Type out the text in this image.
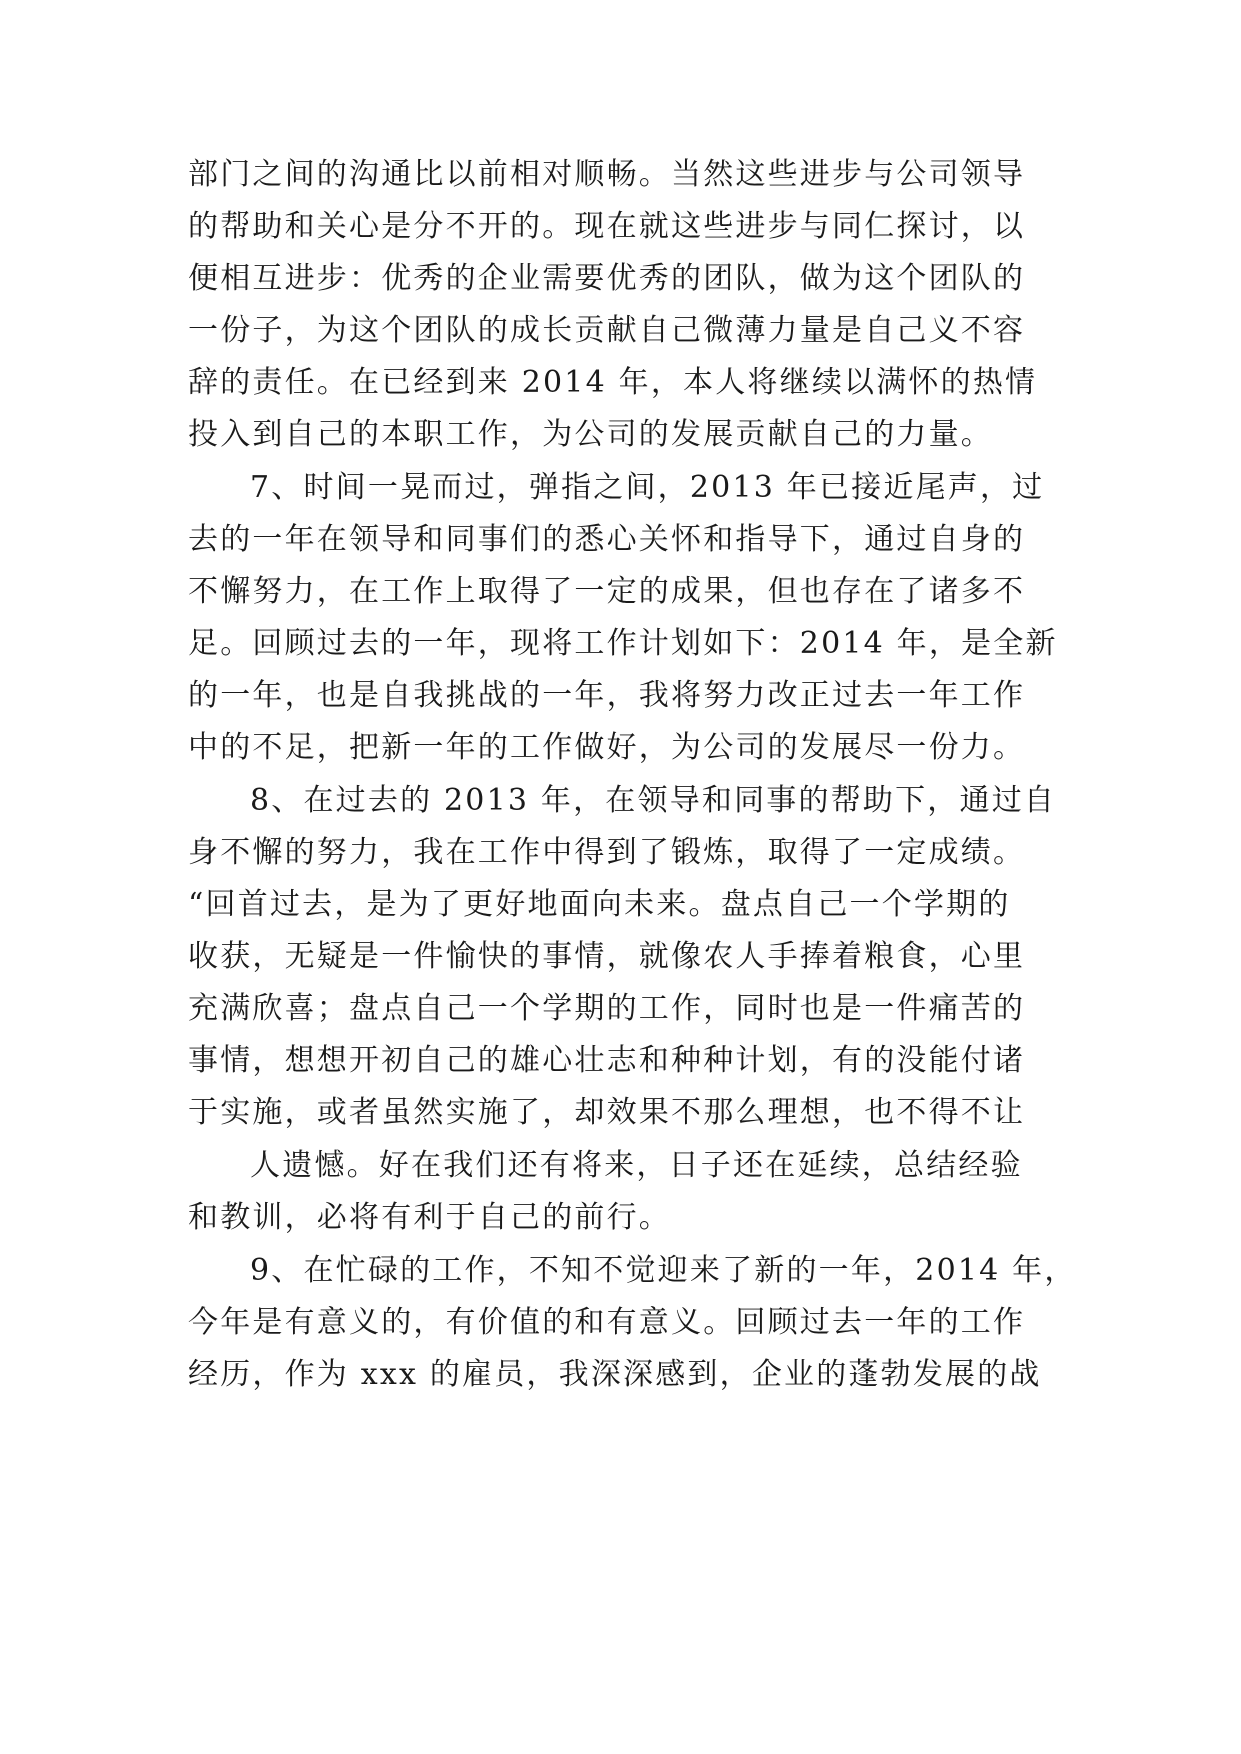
部门之间的沟通比以前相对顺畅。当然这些进步与公司领导
的帮助和关心是分不开的。现在就这些进步与同仁探讨，以
便相互进步：优秀的企业需要优秀的团队，做为这个团队的
一份子，为这个团队的成长贡献自己微薄力量是自己义不容
辞的责任。在已经到来 2014 年，本人将继续以满怀的热情
投入到自己的本职工作，为公司的发展贡献自己的力量。
7、时间一晃而过，弹指之间，2013 年已接近尾声，过
去的一年在领导和同事们的悉心关怀和指导下，通过自身的
不懈努力，在工作上取得了一定的成果，但也存在了诸多不
足。回顾过去的一年，现将工作计划如下：2014 年，是全新
的一年，也是自我挑战的一年，我将努力改正过去一年工作
中的不足，把新一年的工作做好，为公司的发展尽一份力。
8、在过去的 2013 年，在领导和同事的帮助下，通过自
身不懈的努力，我在工作中得到了锻炼，取得了一定成绩。
“回首过去，是为了更好地面向未来。盘点自己一个学期的
收获，无疑是一件愉快的事情，就像农人手捧着粮食，心里
充满欣喜；盘点自己一个学期的工作，同时也是一件痛苦的
事情，想想开初自己的雄心壮志和种种计划，有的没能付诸
于实施，或者虽然实施了，却效果不那么理想，也不得不让
人遗憾。好在我们还有将来，日子还在延续，总结经验
和教训，必将有利于自己的前行。
9、在忙碌的工作，不知不觉迎来了新的一年，2014 年，
今年是有意义的，有价值的和有意义。回顾过去一年的工作
经历，作为 xxx 的雇员，我深深感到，企业的蓬勃发展的战
